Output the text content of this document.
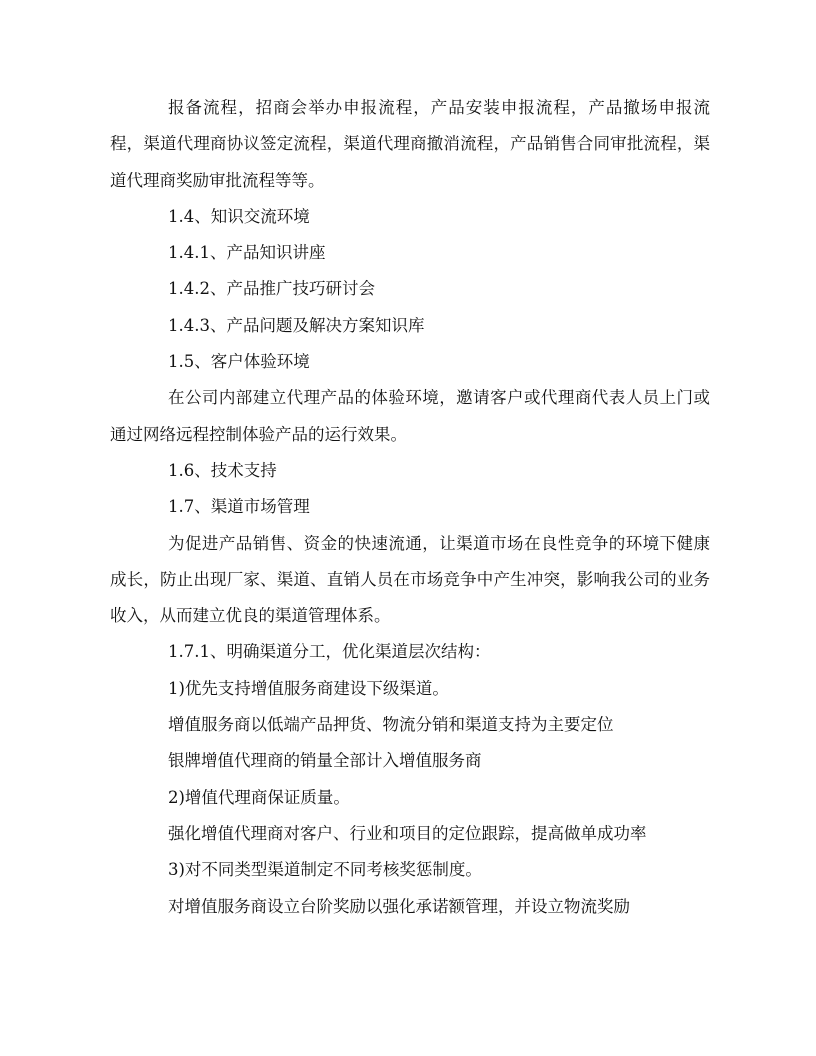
报备流程，招商会举办申报流程，产品安装申报流程，产品撤场申报流程，渠道代理商协议签定流程，渠道代理商撤消流程，产品销售合同审批流程，渠道代理商奖励审批流程等等。

1.4、知识交流环境

1.4.1、产品知识讲座

1.4.2、产品推广技巧研讨会

1.4.3、产品问题及解决方案知识库

1.5、客户体验环境

在公司内部建立代理产品的体验环境，邀请客户或代理商代表人员上门或通过网络远程控制体验产品的运行效果。

1.6、技术支持

1.7、渠道市场管理

为促进产品销售、资金的快速流通，让渠道市场在良性竞争的环境下健康成长，防止出现厂家、渠道、直销人员在市场竞争中产生冲突，影响我公司的业务收入，从而建立优良的渠道管理体系。

1.7.1、明确渠道分工，优化渠道层次结构：

1)优先支持增值服务商建设下级渠道。

增值服务商以低端产品押货、物流分销和渠道支持为主要定位

银牌增值代理商的销量全部计入增值服务商

2)增值代理商保证质量。

强化增值代理商对客户、行业和项目的定位跟踪，提高做单成功率

3)对不同类型渠道制定不同考核奖惩制度。

对增值服务商设立台阶奖励以强化承诺额管理，并设立物流奖励
